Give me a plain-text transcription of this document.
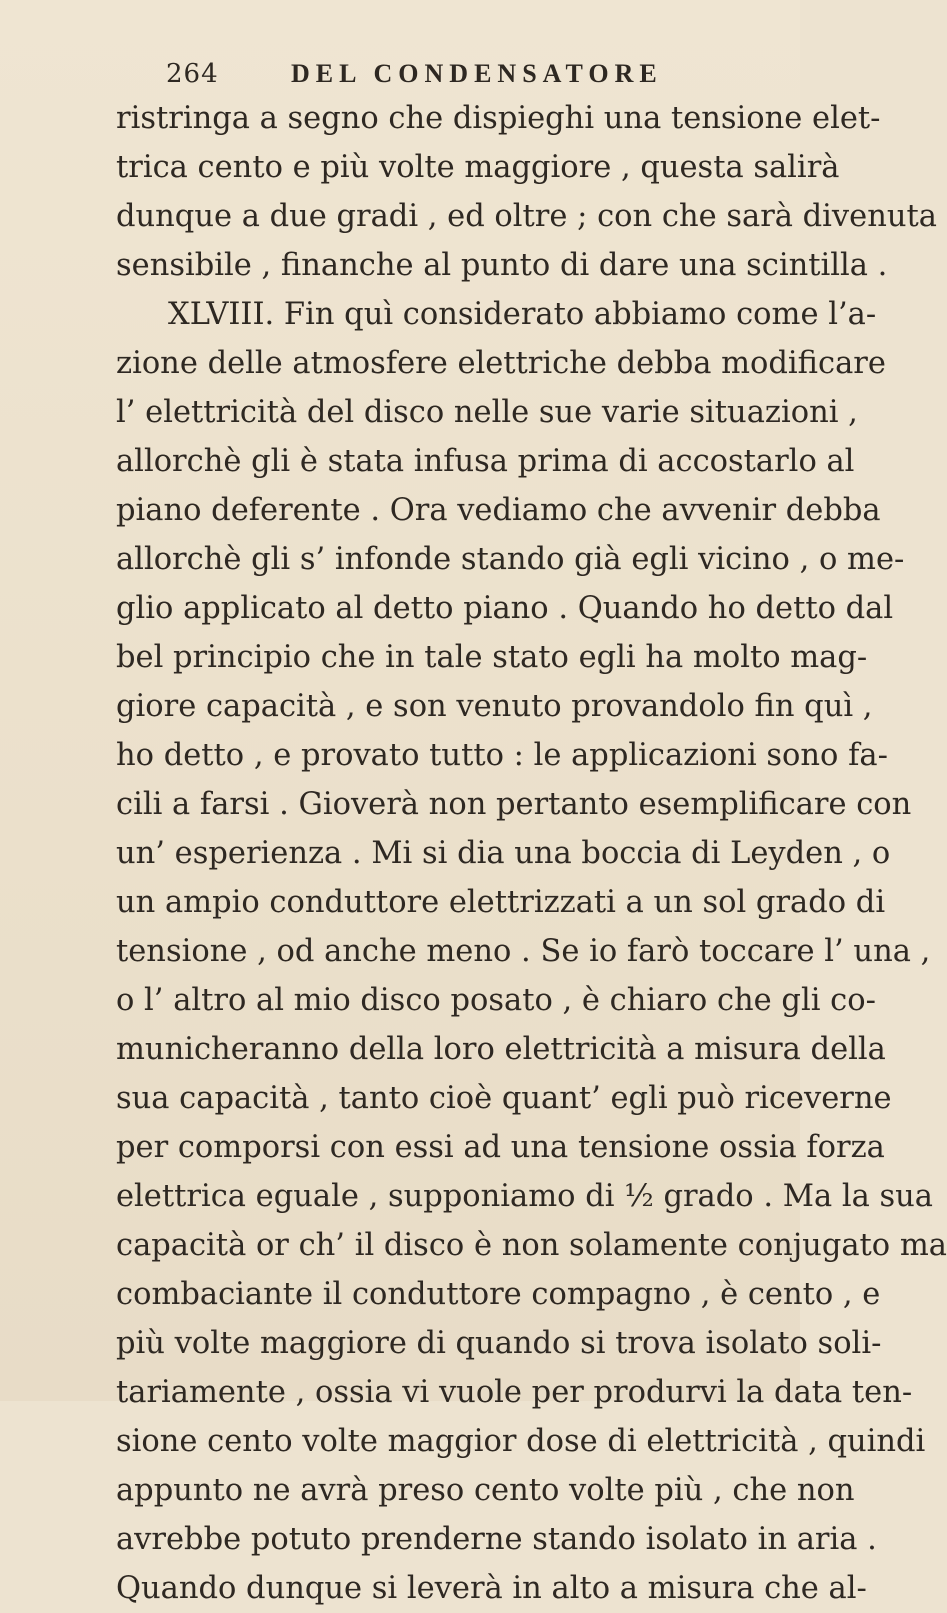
264	DEL CONDENSATORE
ristringa a segno che dispieghi una tensione elet-
trica cento e più volte maggiore , questa salirà
dunque a due gradi , ed oltre ; con che sarà divenuta
sensibile , finanche al punto di dare una scintilla .
XLVIII. Fin quì considerato abbiamo come l’a-
zione delle atmosfere elettriche debba modificare
l’ elettricità del disco nelle sue varie situazioni ,
allorchè gli è stata infusa prima di accostarlo al
piano deferente . Ora vediamo che avvenir debba
allorchè gli s’ infonde stando già egli vicino , o me-
glio applicato al detto piano . Quando ho detto dal
bel principio che in tale stato egli ha molto mag-
giore capacità , e son venuto provandolo fin quì ,
ho detto , e provato tutto : le applicazioni sono fa-
cili a farsi . Gioverà non pertanto esemplificare con
un’ esperienza . Mi si dia una boccia di Leyden , o
un ampio conduttore elettrizzati a un sol grado di
tensione , od anche meno . Se io farò toccare l’ una ,
o l’ altro al mio disco posato , è chiaro che gli co-
municheranno della loro elettricità a misura della
sua capacità , tanto cioè quant’ egli può riceverne
per comporsi con essi ad una tensione ossia forza
elettrica eguale , supponiamo di ½ grado . Ma la sua
capacità or ch’ il disco è non solamente conjugato ma
combaciante il conduttore compagno , è cento , e
più volte maggiore di quando si trova isolato soli-
tariamente , ossia vi vuole per produrvi la data ten-
sione cento volte maggior dose di elettricità , quindi
appunto ne avrà preso cento volte più , che non
avrebbe potuto prenderne stando isolato in aria .
Quando dunque si leverà in alto a misura che al-
